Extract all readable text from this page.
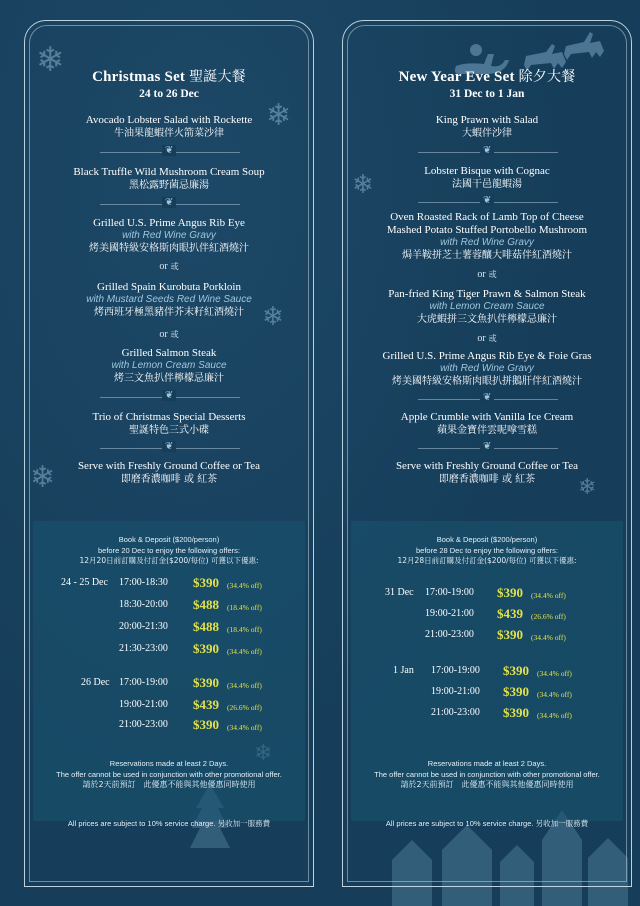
❄
❄
❄
❄
❄
❄
Christmas Set 聖誕大餐
24 to 26 Dec
Avocado Lobster Salad with Rockette
牛油果龍蝦伴火箭菜沙律
❦
Black Truffle Wild Mushroom Cream Soup
黑松露野菌忌廉湯
❦
Grilled U.S. Prime Angus Rib Eye
with Red Wine Gravy
烤美國特級安格斯肉眼扒伴紅酒燒汁
or 或
Grilled Spain Kurobuta Porkloin
with Mustard Seeds Red Wine Sauce
烤西班牙極黑豬伴芥末籽紅酒燒汁
or 或
Grilled Salmon Steak
with Lemon Cream Sauce
烤三文魚扒伴檸檬忌廉汁
❦
Trio of Christmas Special Desserts
聖誕特色三式小碟
❦
Serve with Freshly Ground Coffee or Tea
即磨香濃咖啡 或 紅茶
Book & Deposit ($200/person)
before 20 Dec to enjoy the following offers:
12月20日前訂購及付訂金($200/每位) 可獲以下優惠:
24 - 25 Dec 17:00-18:30 $390 (34.4% off)
18:30-20:00 $488 (18.4% off)
20:00-21:30 $488 (18.4% off)
21:30-23:00 $390 (34.4% off)
26 Dec 17:00-19:00 $390 (34.4% off)
19:00-21:00 $439 (26.6% off)
21:00-23:00 $390 (34.4% off)
Reservations made at least 2 Days.
The offer cannot be used in conjunction with other promotional offer.
請於2天前預訂　此優惠不能與其他優惠同時使用
All prices are subject to 10% service charge. 另收加一服務費
New Year Eve Set 除夕大餐
31 Dec to 1 Jan
King Prawn with Salad
大蝦伴沙律
❦
Lobster Bisque with Cognac
法國干邑龍蝦湯
❦
Oven Roasted Rack of Lamb Top of Cheese
Mashed Potato Stuffed Portobello Mushroom
with Red Wine Gravy
焗羊鞍拼芝士薯蓉釀大啡菇伴紅酒燒汁
or 或
Pan-fried King Tiger Prawn & Salmon Steak
with Lemon Cream Sauce
大虎蝦拼三文魚扒伴檸檬忌廉汁
or 或
Grilled U.S. Prime Angus Rib Eye & Foie Gras
with Red Wine Gravy
烤美國特級安格斯肉眼扒拼鵝肝伴紅酒燒汁
❦
Apple Crumble with Vanilla Ice Cream
蘋果金寶伴雲呢嗱雪糕
❦
Serve with Freshly Ground Coffee or Tea
即磨香濃咖啡 或 紅茶
Book & Deposit ($200/person)
before 28 Dec to enjoy the following offers:
12月28日前訂購及付訂金($200/每位) 可獲以下優惠:
31 Dec 17:00-19:00 $390 (34.4% off)
19:00-21:00 $439 (26.6% off)
21:00-23:00 $390 (34.4% off)
1 Jan 17:00-19:00 $390 (34.4% off)
19:00-21:00 $390 (34.4% off)
21:00-23:00 $390 (34.4% off)
Reservations made at least 2 Days.
The offer cannot be used in conjunction with other promotional offer.
請於2天前預訂　此優惠不能與其他優惠同時使用
All prices are subject to 10% service charge. 另收加一服務費
